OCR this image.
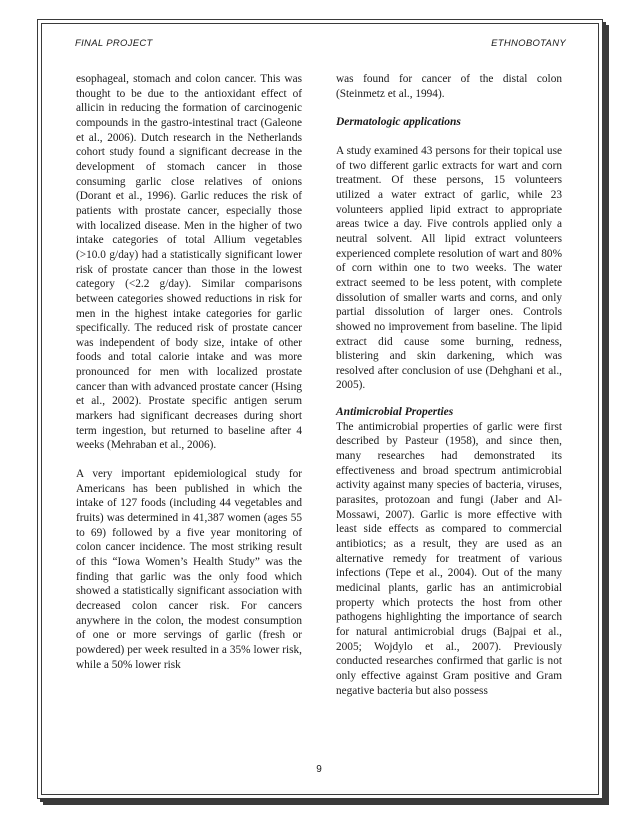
FINAL PROJECT	ETHNOBOTANY

esophageal, stomach and colon cancer. This was thought to be due to the antioxidant effect of allicin in reducing the formation of carcinogenic compounds in the gastro-intestinal tract (Galeone et al., 2006). Dutch research in the Netherlands cohort study found a significant decrease in the development of stomach cancer in those consuming garlic close relatives of onions (Dorant et al., 1996). Garlic reduces the risk of patients with prostate cancer, especially those with localized disease. Men in the higher of two intake categories of total Allium vegetables (>10.0 g/day) had a statistically significant lower risk of prostate cancer than those in the lowest category (<2.2 g/day). Similar comparisons between categories showed reductions in risk for men in the highest intake categories for garlic specifically. The reduced risk of prostate cancer was independent of body size, intake of other foods and total calorie intake and was more pronounced for men with localized prostate cancer than with advanced prostate cancer (Hsing et al., 2002). Prostate specific antigen serum markers had significant decreases during short term ingestion, but returned to baseline after 4 weeks (Mehraban et al., 2006).

A very important epidemiological study for Americans has been published in which the intake of 127 foods (including 44 vegetables and fruits) was determined in 41,387 women (ages 55 to 69) followed by a five year monitoring of colon cancer incidence. The most striking result of this “Iowa Women’s Health Study” was the finding that garlic was the only food which showed a statistically significant association with decreased colon cancer risk. For cancers anywhere in the colon, the modest consumption of one or more servings of garlic (fresh or powdered) per week resulted in a 35% lower risk, while a 50% lower risk

was found for cancer of the distal colon (Steinmetz et al., 1994).

Dermatologic applications

A study examined 43 persons for their topical use of two different garlic extracts for wart and corn treatment. Of these persons, 15 volunteers utilized a water extract of garlic, while 23 volunteers applied lipid extract to appropriate areas twice a day. Five controls applied only a neutral solvent. All lipid extract volunteers experienced complete resolution of wart and 80% of corn within one to two weeks. The water extract seemed to be less potent, with complete dissolution of smaller warts and corns, and only partial dissolution of larger ones. Controls showed no improvement from baseline. The lipid extract did cause some burning, redness, blistering and skin darkening, which was resolved after conclusion of use (Dehghani et al., 2005).

Antimicrobial Properties

The antimicrobial properties of garlic were first described by Pasteur (1958), and since then, many researches had demonstrated its effectiveness and broad spectrum antimicrobial activity against many species of bacteria, viruses, parasites, protozoan and fungi (Jaber and Al-Mossawi, 2007). Garlic is more effective with least side effects as compared to commercial antibiotics; as a result, they are used as an alternative remedy for treatment of various infections (Tepe et al., 2004). Out of the many medicinal plants, garlic has an antimicrobial property which protects the host from other pathogens highlighting the importance of search for natural antimicrobial drugs (Bajpai et al., 2005; Wojdylo et al., 2007). Previously conducted researches confirmed that garlic is not only effective against Gram positive and Gram negative bacteria but also possess

9
